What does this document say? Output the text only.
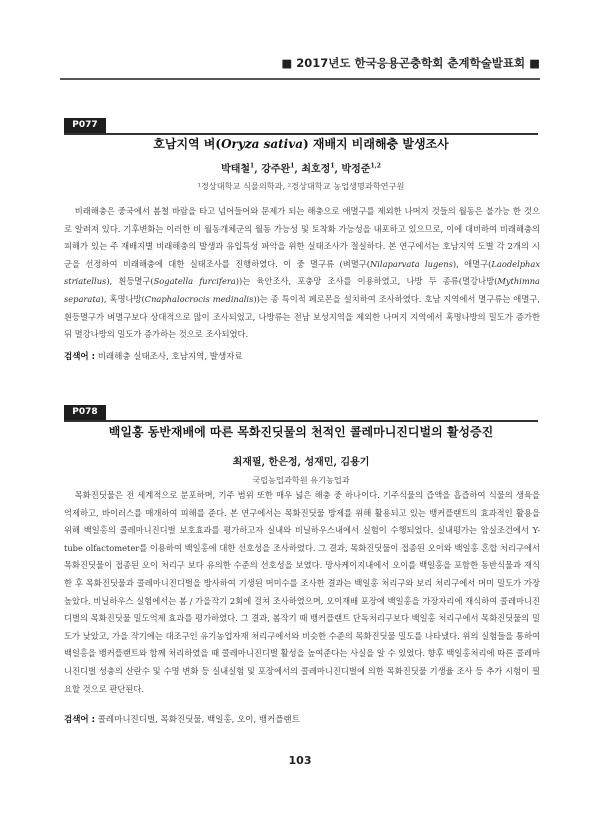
■ 2017년도 한국응용곤충학회 춘계학술발표회 ■
P077
호남지역 벼(Oryza sativa) 재배지 비래해충 발생조사
박태철$^1$, 강주완$^1$, 최호정$^1$, 박정준$^{1,2}$
¹경상대학교 식물의학과, ²경상대학교 농업생명과학연구원

비래해충은 중국에서 봄철 바람을 타고 넘어들어와 문제가 되는 해충으로 애멸구를 제외한 나머지 것들의 월동은 불가능 한 것으로 알려져 있다. 기후변화는 이러한 비 월동개체군의 월동 가능성 및 토착화 가능성을 내포하고 있으므로, 이에 대비하여 비래해충의 피해가 있는 주 재배지별 비래해충의 발생과 유입특성 파악을 위한 실태조사가 절실하다. 본 연구에서는 호남지역 도별 각 2개의 시군을 선정하여 비래해충에 대한 실태조사를 진행하였다. 이 중 멸구류 (벼멸구(Nilaparvata lugens), 애멸구(Laodelphax striatellus), 흰등멸구(Sogatella furcifera))는 육안조사, 포충망 조사를 이용하였고, 나방 두 종류(멸강나방(Mythimna separata), 혹명나방(Cnaphalocrocis medinalis))는 종 특이적 페로몬을 설치하여 조사하였다. 호남 지역에서 멸구류는 애멸구, 흰등멸구가 벼멸구보다 상대적으로 많이 조사되었고, 나방류는 전남 보성지역을 제외한 나머지 지역에서 혹명나방의 밀도가 증가한 뒤 멸강나방의 밀도가 증가하는 것으로 조사되었다.

검색어 : 비래해충 실태조사, 호남지역, 발생자료
P078
백일홍 동반재배에 따른 목화진딧물의 천적인 콜레마니진디벌의 활성증진
최재필, 한은정, 성재민, 김용기
국립농업과학원 유기농업과

목화진딧물은 전 세계적으로 분포하며, 기주 범위 또한 매우 넓은 해충 중 하나이다. 기주식물의 즙액을 흡즙하여 식물의 생육을 억제하고, 바이러스를 매개하여 피해를 준다. 본 연구에서는 목화진딧물 방제를 위해 활용되고 있는 뱅커플랜트의 효과적인 활용을 위해 백일홍의 콜레마니진디벌 보호효과를 평가하고자 실내와 비닐하우스내에서 실험이 수행되었다. 실내평가는 암실조건에서 Y- tube olfactometer를 이용하여 백일홍에 대한 선호성을 조사하였다. 그 결과, 목화진딧물이 접종된 오이와 백일홍 혼합 처리구에서 목화진딧물이 접종된 오이 처리구 보다 유의한 수준의 선호성을 보였다. 망사케이지내에서 오이를 백일홍을 포함한 동반식물과 재식한 후 목화진딧물과 콜레마니진디벌을 방사하여 기생된 머미수를 조사한 결과는 백일홍 처리구와 보리 처리구에서 머미 밀도가 가장 높았다. 비닐하우스 실험에서는 봄 / 가을작기 2회에 걸쳐 조사하였으며, 오이재배 포장에 백일홍을 가장자리에 재식하여 콜레마니진디벌의 목화진딧물 밀도억제 효과를 평가하였다. 그 결과, 봄작기 때 뱅커플랜트 단독처리구보다 백일홍 처리구에서 목화진딧물의 밀도가 낮았고, 가을 작기에는 대조구인 유기농업자재 처리구에서와 비슷한 수준의 목화진딧물 밀도를 나타냈다. 위의 실험들을 통하여 백일홍을 뱅커플랜트와 함께 처리하였을 때 콜레마니진디벌 활성을 높여준다는 사실을 알 수 있었다. 향후 백일홍처리에 따른 콜레마니진디벌 성충의 산란수 및 수명 변화 등 실내실험 및 포장에서의 콜레마니진디벌에 의한 목화진딧물 기생율 조사 등 추가 시험이 필요할 것으로 판단된다.

검색어 : 콜레마니진디벌, 목화진딧물, 백일홍, 오이, 뱅커플랜트
103
